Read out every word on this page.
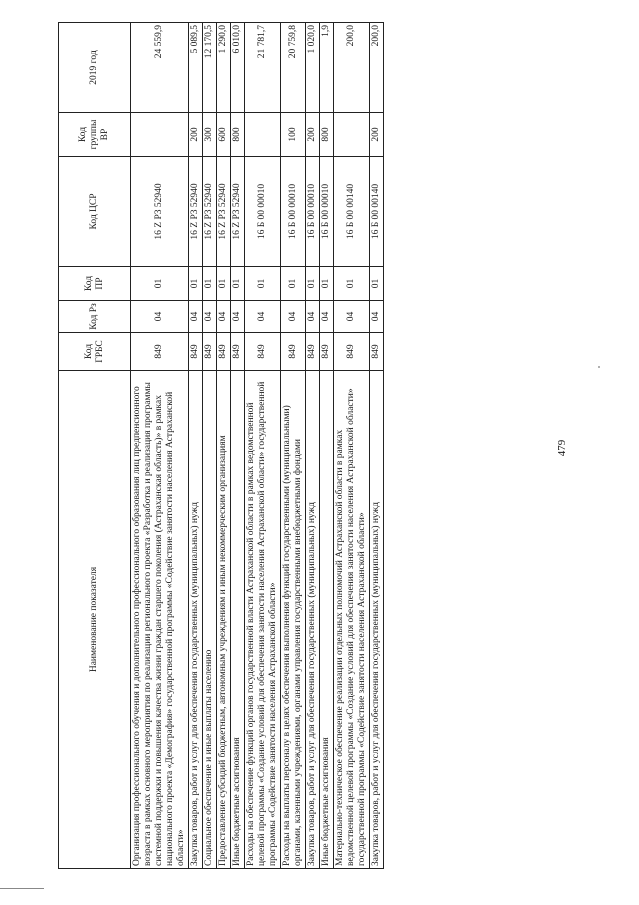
479
Наименование показателя	Код ГРБС	Код Рз	Код ПР	Код ЦСР	Код группы ВР	2019 год
Организация профессионального обучения и дополнительного профессионального образования лиц предпенсионного возраста в рамках основного мероприятия по реализации регионального проекта «Разработка и реализация программы системной поддержки и повышения качества жизни граждан старшего поколения (Астраханская область)» в рамках национального проекта «Демография» государственной программы «Содействие занятости населения Астраханской области»	849	04	01	16 Z P3 52940		24 559,9
Закупка товаров, работ и услуг для обеспечения государственных (муниципальных) нужд	849	04	01	16 Z P3 52940	200	5 089,5
Социальное обеспечение и иные выплаты населению	849	04	01	16 Z P3 52940	300	12 170,5
Предоставление субсидий бюджетным, автономным учреждениям и иным некоммерческим организациям	849	04	01	16 Z P3 52940	600	1 290,0
Иные бюджетные ассигнования	849	04	01	16 Z P3 52940	800	6 010,0
Расходы на обеспечение функций органов государственной власти Астраханской области в рамках ведомственной целевой программы «Создание условий для обеспечения занятости населения Астраханской области» государственной программы «Содействие занятости населения Астраханской области»	849	04	01	16 Б 00 00010		21 781,7
Расходы на выплаты персоналу в целях обеспечения выполнения функций государственными (муниципальными) органами, казенными учреждениями, органами управления государственными внебюджетными фондами	849	04	01	16 Б 00 00010	100	20 759,8
Закупка товаров, работ и услуг для обеспечения государственных (муниципальных) нужд	849	04	01	16 Б 00 00010	200	1 020,0
Иные бюджетные ассигнования	849	04	01	16 Б 00 00010	800	1,9
Материально-техническое обеспечение реализации отдельных полномочий Астраханской области в рамках ведомственной целевой программы «Создание условий для обеспечения занятости населения Астраханской области» государственной программы «Содействие занятости населения Астраханской области»	849	04	01	16 Б 00 00140		200,0
Закупка товаров, работ и услуг для обеспечения государственных (муниципальных) нужд	849	04	01	16 Б 00 00140	200	200,0
